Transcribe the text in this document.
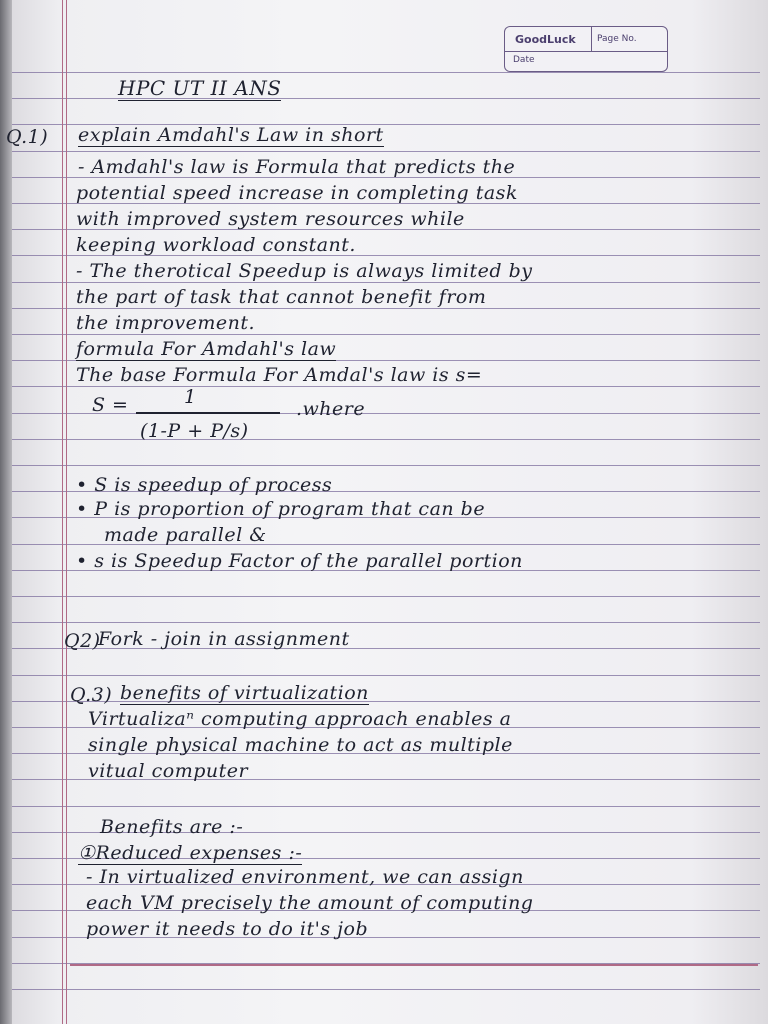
GoodLuck Page No.
Date
HPC UT II ANS
Q.1) explain Amdahl's Law in short
- Amdahl's law is Formula that predicts the
potential speed increase in completing task
with improved system resources while
keeping workload constant.
- The therotical Speedup is always limited by
the part of task that cannot benefit from
the improvement.
formula For Amdahl's law
The base Formula For Amdal's law is s=
S =	1
(1-P + P/s)
.where
• S is speedup of process
• P is proportion of program that can be
made parallel &
• s is Speedup Factor of the parallel portion
Q2)
Fork - join in assignment
Q.3) benefits of virtualization
Virtualizaⁿ computing approach enables a
single physical machine to act as multiple
vitual computer
Benefits are :-
①Reduced expenses :-
- In virtualized environment, we can assign
each VM precisely the amount of computing
power it needs to do it's job
